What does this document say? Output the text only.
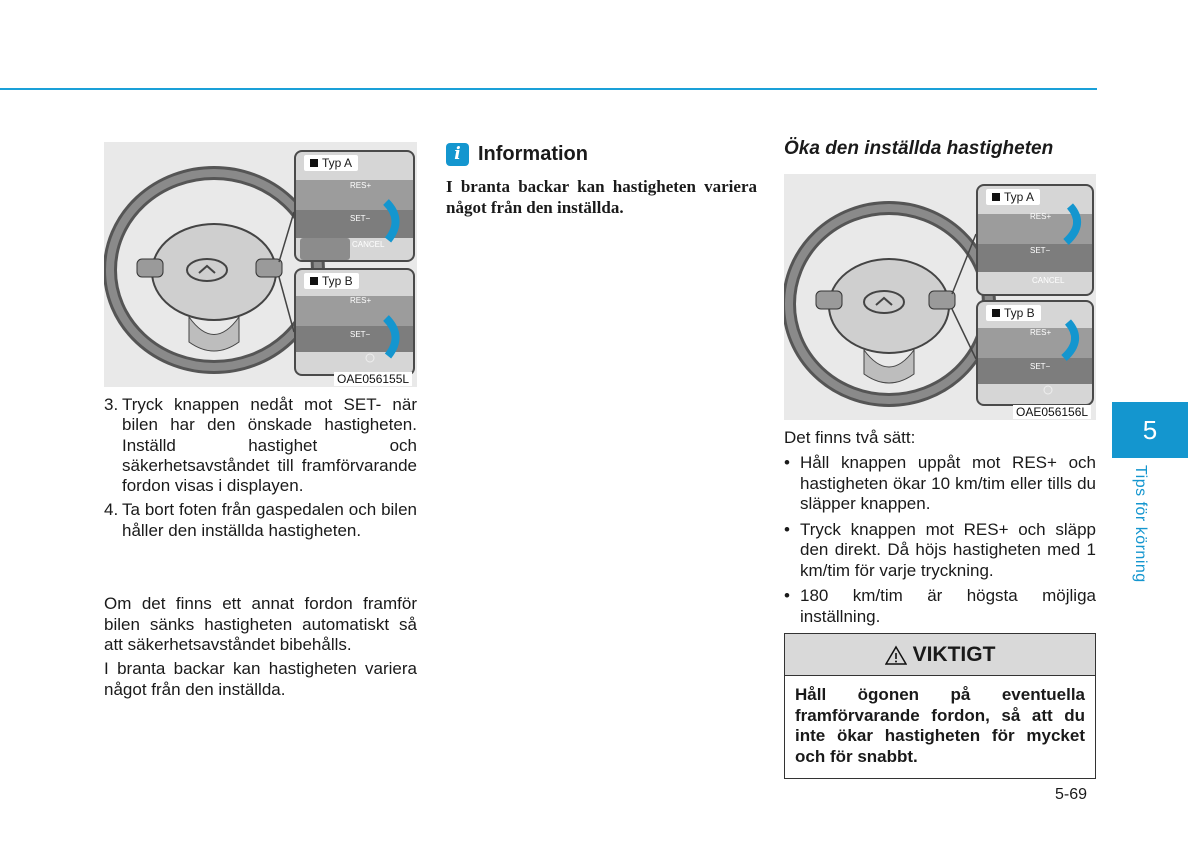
Typ A
RES+
SET−
CANCEL
Typ B
RES+
SET−
OAE056155L
3. Tryck knappen nedåt mot SET- när bilen har den önskade hastigheten. Inställd hastighet och säkerhetsavståndet till framförvarande fordon visas i displayen.
4. Ta bort foten från gaspedalen och bilen håller den inställda hastigheten.
Om det finns ett annat fordon framför bilen sänks hastigheten automatiskt så att säkerhetsavståndet bibehålls.
I branta backar kan hastigheten variera något från den inställda.
i Information
I branta backar kan hastigheten variera något från den inställda.
Öka den inställda hastigheten
Typ A
RES+
SET−
CANCEL
Typ B
RES+
SET−
OAE056156L
Det finns två sätt:
• Håll knappen uppåt mot RES+ och hastigheten ökar 10 km/tim eller tills du släpper knappen.
• Tryck knappen mot RES+ och släpp den direkt. Då höjs hastigheten med 1 km/tim för varje tryckning.
• 180 km/tim är högsta möjliga inställning.
VIKTIGT
Håll ögonen på eventuella framförvarande fordon, så att du inte ökar hastigheten för mycket och för snabbt.
5-69
5
Tips för körning
